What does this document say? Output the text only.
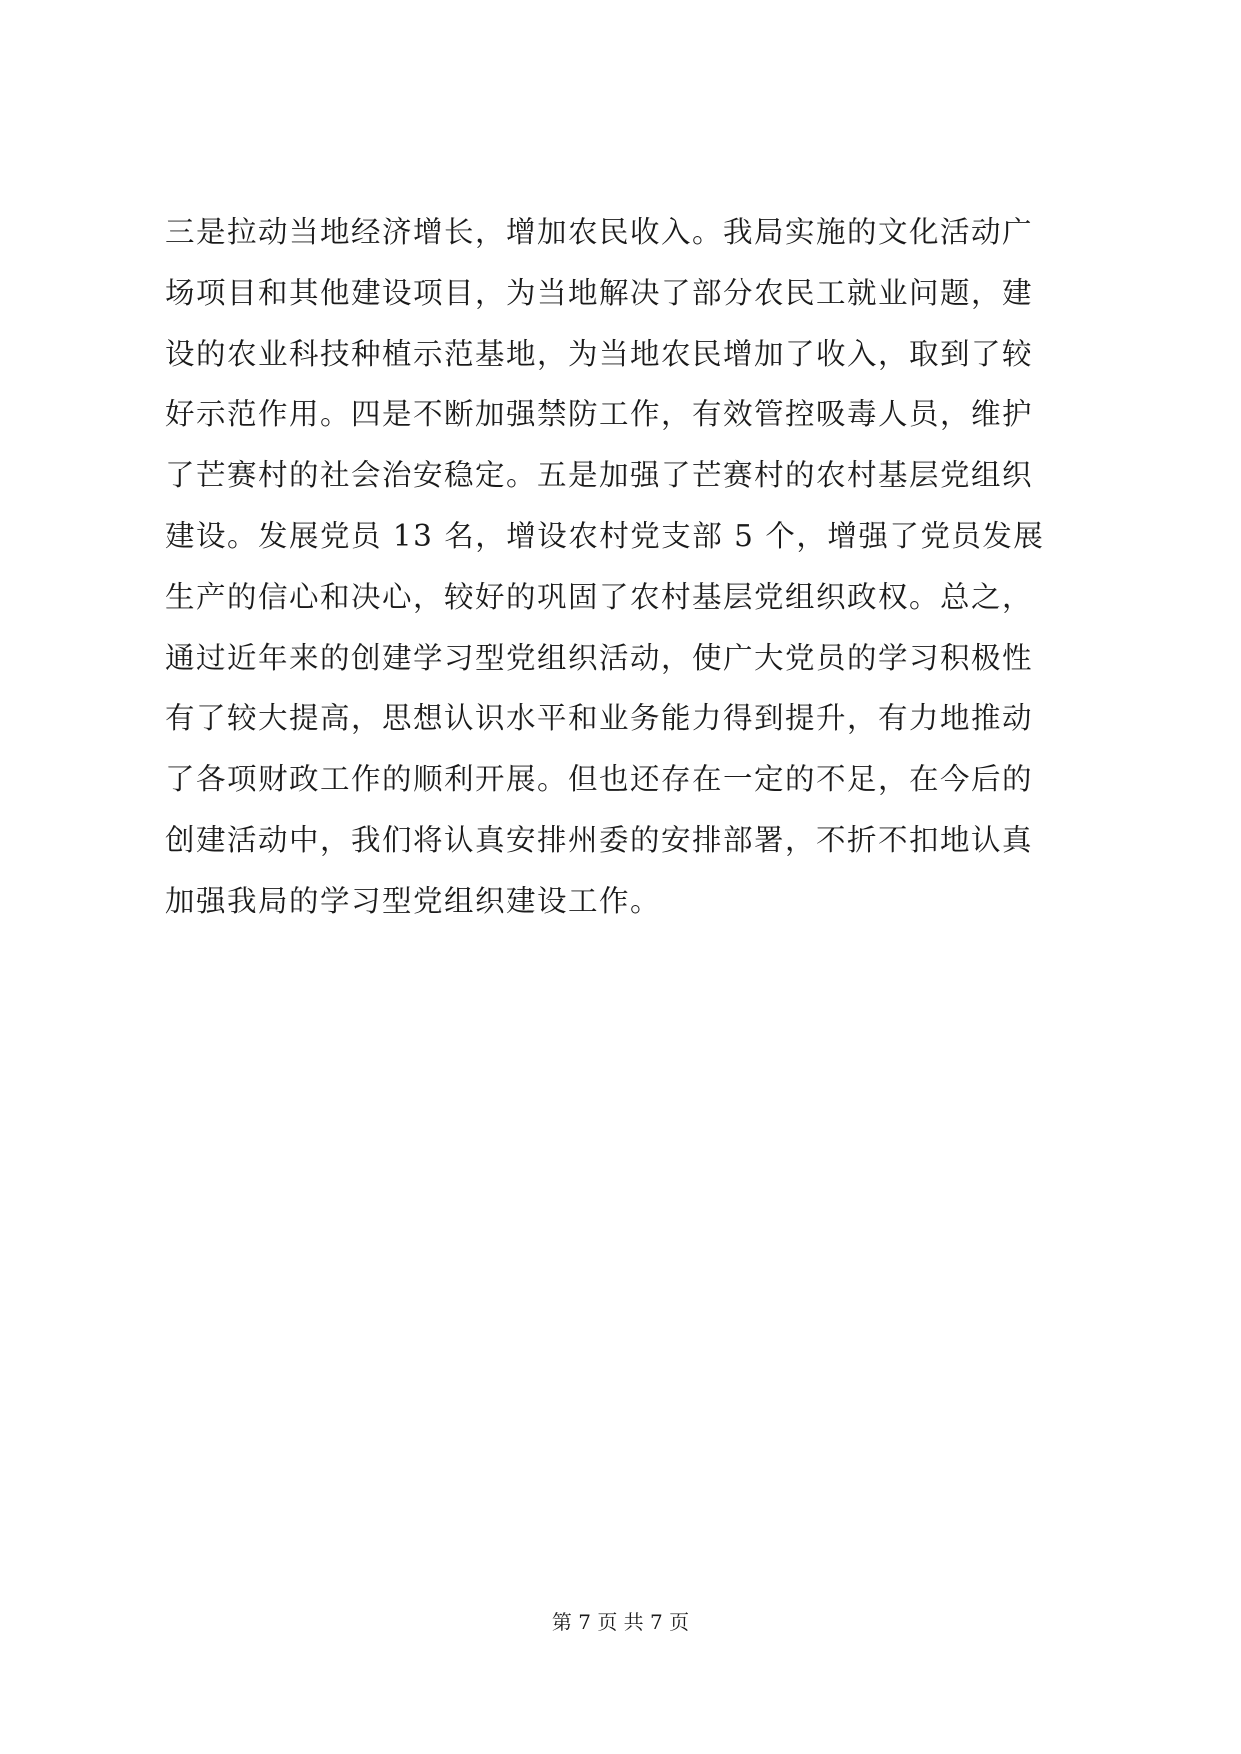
三是拉动当地经济增长，增加农民收入。我局实施的文化活动广
场项目和其他建设项目，为当地解决了部分农民工就业问题，建
设的农业科技种植示范基地，为当地农民增加了收入，取到了较
好示范作用。四是不断加强禁防工作，有效管控吸毒人员，维护
了芒赛村的社会治安稳定。五是加强了芒赛村的农村基层党组织
建设。发展党员 13 名，增设农村党支部 5 个，增强了党员发展
生产的信心和决心，较好的巩固了农村基层党组织政权。总之，
通过近年来的创建学习型党组织活动，使广大党员的学习积极性
有了较大提高，思想认识水平和业务能力得到提升，有力地推动
了各项财政工作的顺利开展。但也还存在一定的不足，在今后的
创建活动中，我们将认真安排州委的安排部署，不折不扣地认真
加强我局的学习型党组织建设工作。
第 7 页 共 7 页
